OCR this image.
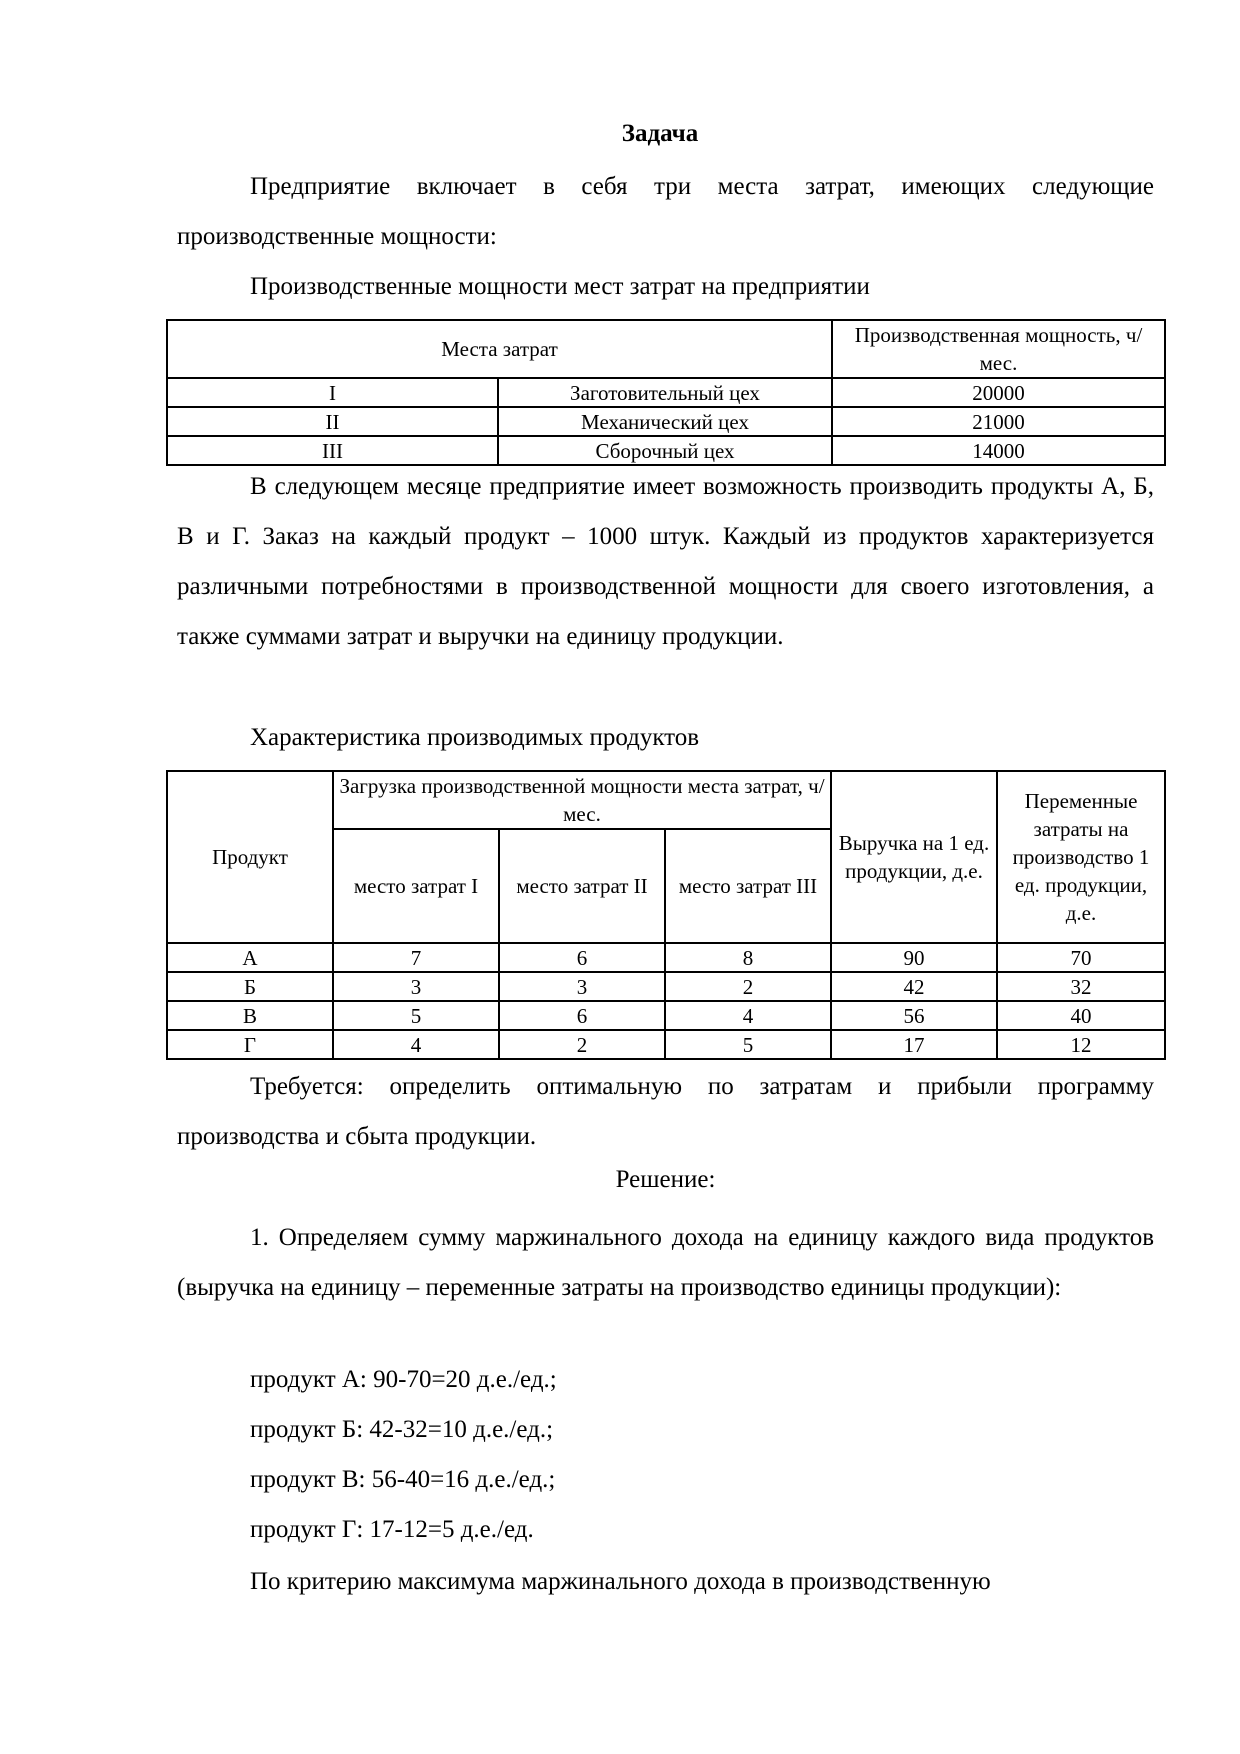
Задача

Предприятие включает в себя три места затрат, имеющих следующие производственные мощности:

Производственные мощности мест затрат на предприятии
Места затрат		Производственная мощность, ч/мес.
I	Заготовительный цех	20000
II	Механический цех	21000
III	Сборочный цех	14000

В следующем месяце предприятие имеет возможность производить продукты А, Б, В и Г. Заказ на каждый продукт – 1000 штук. Каждый из продуктов характеризуется различными потребностями в производственной мощности для своего изготовления, а также суммами затрат и выручки на единицу продукции.

Характеристика производимых продуктов
Продукт	Загрузка производственной мощности места затрат, ч/мес.			Выручка на 1 ед. продукции, д.е.	Переменные затраты на производство 1 ед. продукции, д.е.
	место затрат I	место затрат II	место затрат III		
А	7	6	8	90	70
Б	3	3	2	42	32
В	5	6	4	56	40
Г	4	2	5	17	12

Требуется: определить оптимальную по затратам и прибыли программу производства и сбыта продукции.

Решение:

1. Определяем сумму маржинального дохода на единицу каждого вида продуктов (выручка на единицу – переменные затраты на производство единицы продукции):

продукт А: 90-70=20 д.е./ед.;
продукт Б: 42-32=10 д.е./ед.;
продукт В: 56-40=16 д.е./ед.;
продукт Г: 17-12=5 д.е./ед.

По критерию максимума маржинального дохода в производственную
